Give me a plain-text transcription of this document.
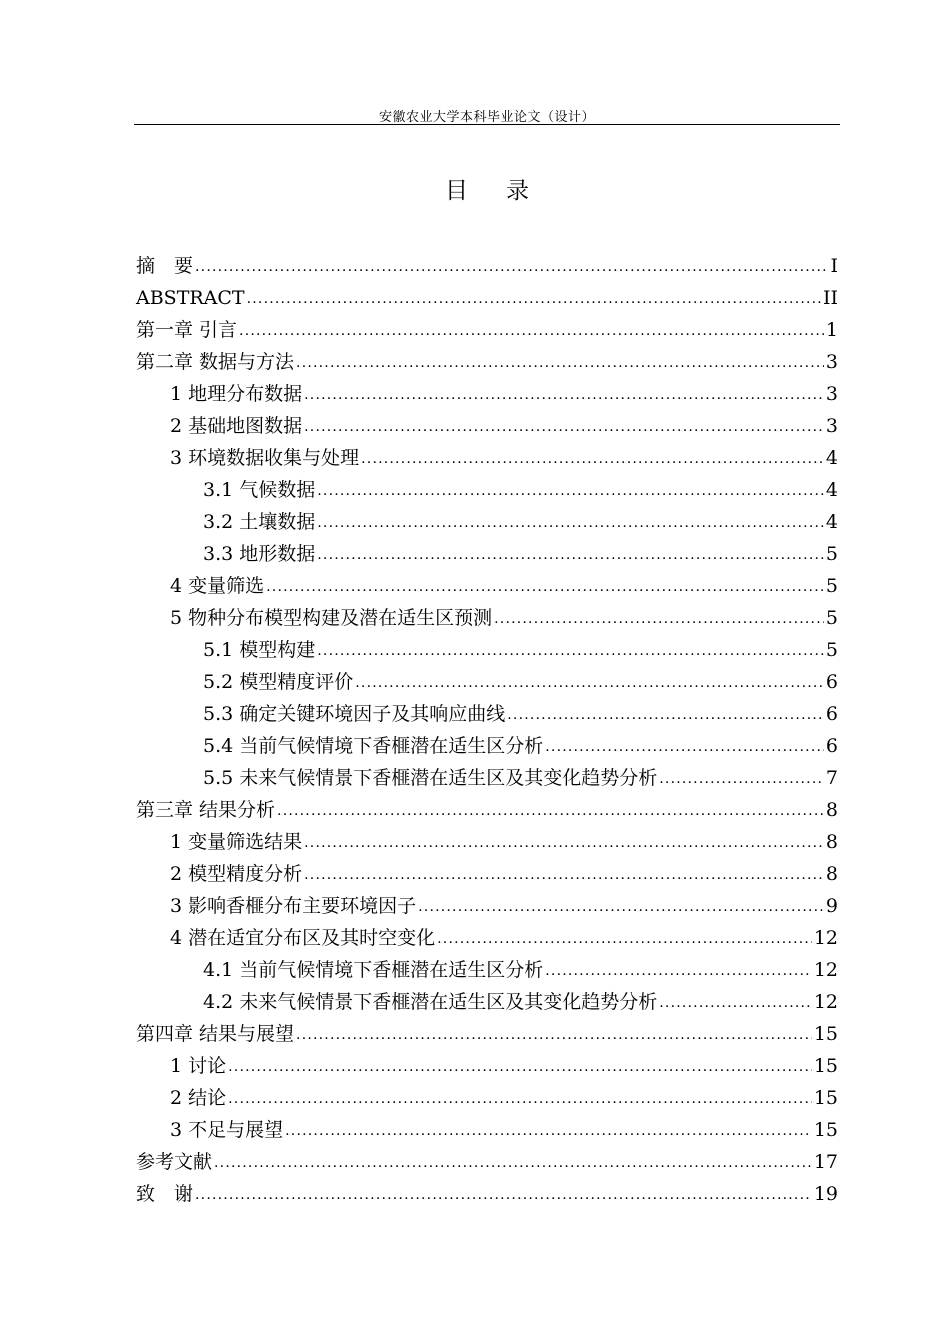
安徽农业大学本科毕业论文（设计）
目录
摘　要 .....	I
ABSTRACT .....	II
第一章 引言 .....	1
第二章 数据与方法 .....	3
1 地理分布数据 .....	3
2 基础地图数据 .....	3
3 环境数据收集与处理 .....	4
3.1 气候数据 .....	4
3.2 土壤数据 .....	4
3.3 地形数据 .....	5
4 变量筛选 .....	5
5 物种分布模型构建及潜在适生区预测 .....	5
5.1 模型构建 .....	5
5.2 模型精度评价 .....	6
5.3 确定关键环境因子及其响应曲线 .....	6
5.4 当前气候情境下香榧潜在适生区分析 .....	6
5.5 未来气候情景下香榧潜在适生区及其变化趋势分析 .....	7
第三章 结果分析 .....	8
1 变量筛选结果 .....	8
2 模型精度分析 .....	8
3 影响香榧分布主要环境因子 .....	9
4 潜在适宜分布区及其时空变化 .....	12
4.1 当前气候情境下香榧潜在适生区分析 .....	12
4.2 未来气候情景下香榧潜在适生区及其变化趋势分析 .....	12
第四章 结果与展望 .....	15
1 讨论 .....	15
2 结论 .....	15
3 不足与展望 .....	15
参考文献 .....	17
致　谢 .....	19
